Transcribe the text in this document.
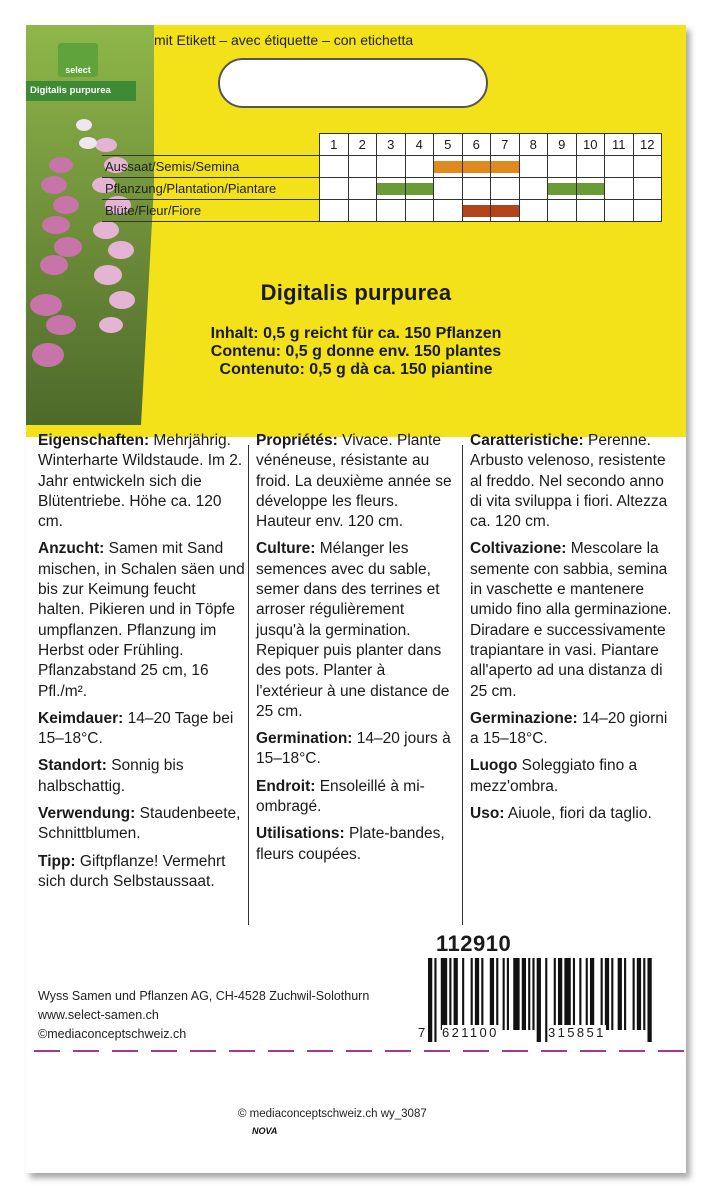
mit Etikett – avec étiquette – con etichetta
select
Digitalis purpurea
	1	2	3	4	5	6	7	8	9	10	11	12
Aussaat/Semis/Semina					

Pflanzung/Plantation/Piantare			

Blüte/Fleur/Fiore						

Digitalis purpurea
Inhalt: 0,5 g reicht für ca. 150 Pflanzen
Contenu: 0,5 g donne env. 150 plantes
Contenuto: 0,5 g dà ca. 150 piantine

Eigenschaften: Mehrjährig. Winterharte Wildstaude. Im 2. Jahr entwickeln sich die Blütentriebe. Höhe ca. 120 cm.

Anzucht: Samen mit Sand mischen, in Schalen säen und bis zur Keimung feucht halten. Pikieren und in Töpfe umpflanzen. Pflanzung im Herbst oder Frühling. Pflanzabstand 25 cm, 16 Pfl./m².

Keimdauer: 14–20 Tage bei 15–18°C.

Standort: Sonnig bis halbschattig.

Verwendung: Staudenbeete, Schnittblumen.

Tipp: Giftpflanze! Vermehrt sich durch Selbstaussaat.

Propriétés: Vivace. Plante vénéneuse, résistante au froid. La deuxième année se développe les fleurs. Hauteur env. 120 cm.

Culture: Mélanger les semences avec du sable, semer dans des terrines et arroser régulièrement jusqu'à la germination. Repiquer puis planter dans des pots. Planter à l'extérieur à une distance de 25 cm.

Germination: 14–20 jours à 15–18°C.

Endroit: Ensoleillé à mi-ombragé.

Utilisations: Plate-bandes, fleurs coupées.

Caratteristiche: Perenne. Arbusto velenoso, resistente al freddo. Nel secondo anno di vita sviluppa i fiori. Altezza ca. 120 cm.

Coltivazione: Mescolare la semente con sabbia, semina in vaschette e mantenere umido fino alla germinazione. Diradare e successivamente trapiantare in vasi. Piantare all'aperto ad una distanza di 25 cm.

Germinazione: 14–20 giorni a 15–18°C.

Luogo Soleggiato fino a mezz'ombra.

Uso: Aiuole, fiori da taglio.

112910
7 621100	315851
Wyss Samen und Pflanzen AG, CH-4528 Zuchwil-Solothurn
www.select-samen.ch
©mediaconceptschweiz.ch
© mediaconceptschweiz.ch wy_3087
NOVA
